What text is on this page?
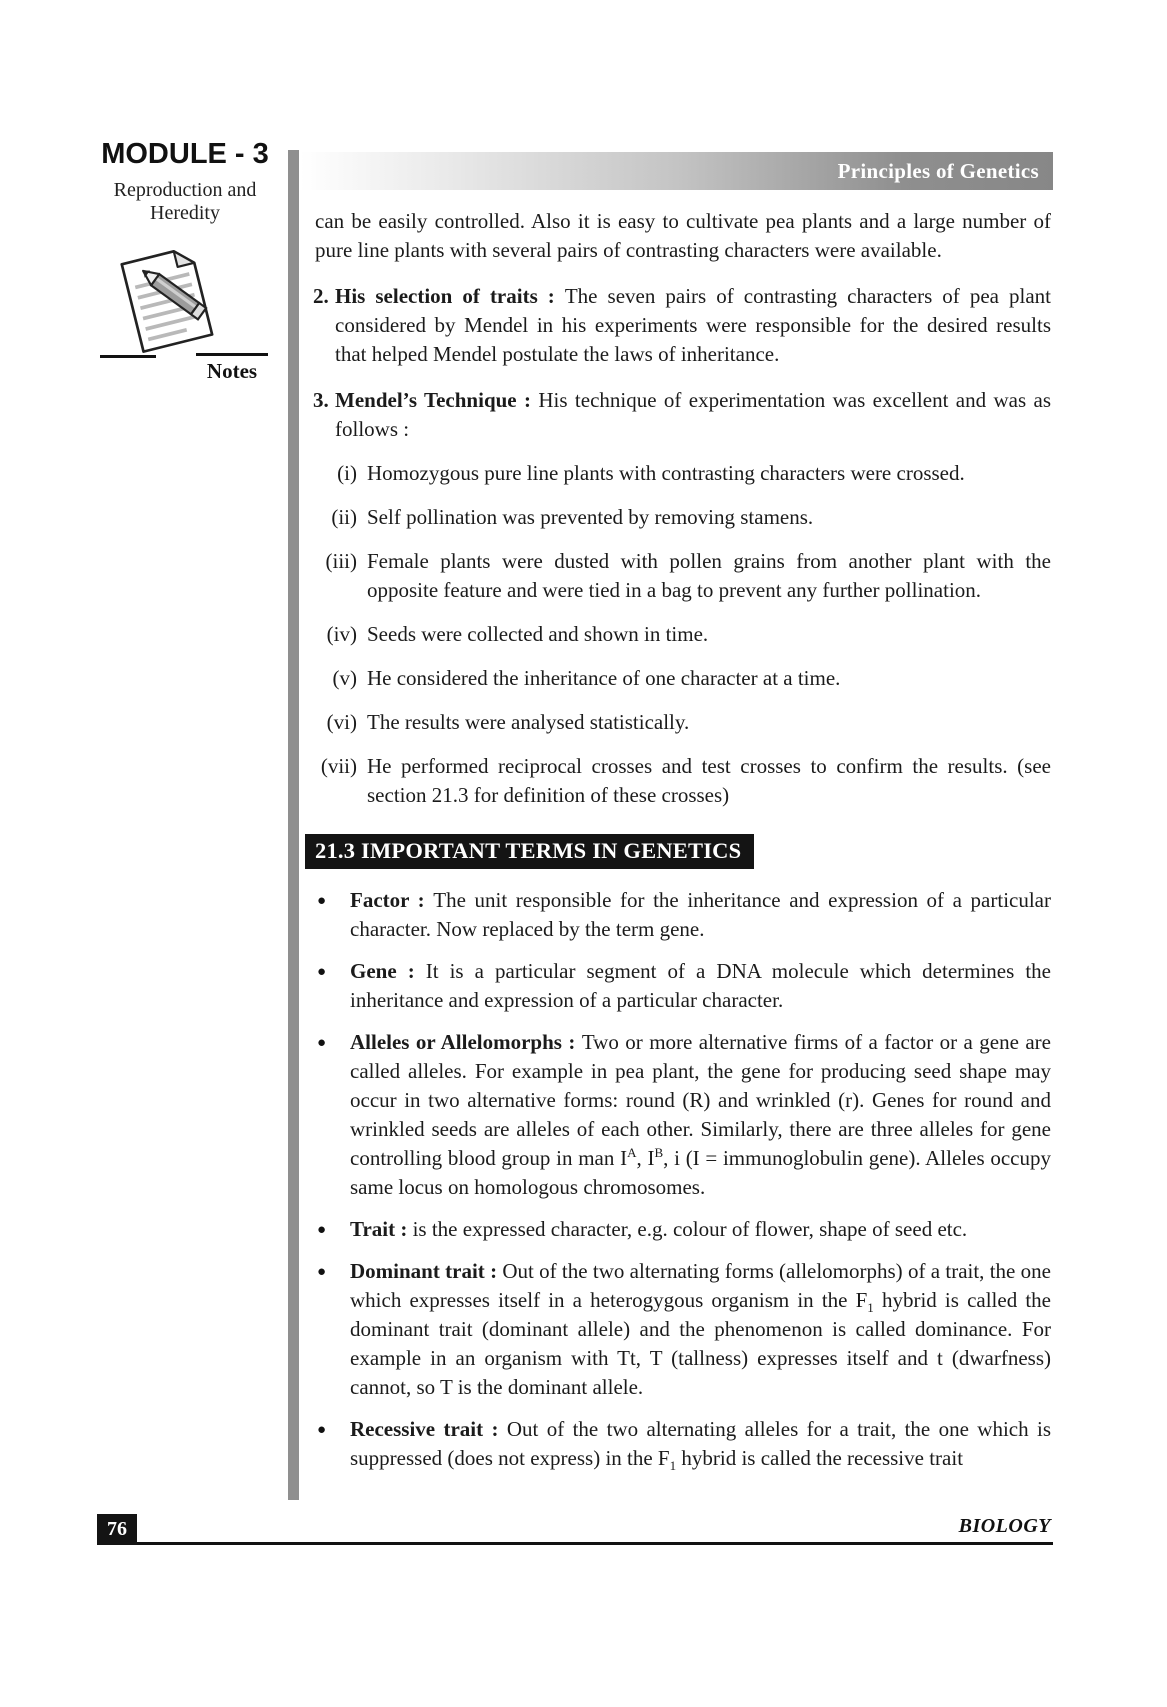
MODULE - 3
Reproduction and
Heredity
Notes
Principles of Genetics

can be easily controlled. Also it is easy to cultivate pea plants and a large number of pure line plants with several pairs of contrasting characters were available.

2. His selection of traits : The seven pairs of contrasting characters of pea plant considered by Mendel in his experiments were responsible for the desired results that helped Mendel postulate the laws of inheritance.
3. Mendel’s Technique : His technique of experimentation was excellent and was as follows :
(i) Homozygous pure line plants with contrasting characters were crossed.
(ii) Self pollination was prevented by removing stamens.
(iii) Female plants were dusted with pollen grains from another plant with the opposite feature and were tied in a bag to prevent any further pollination.
(iv) Seeds were collected and shown in time.
(v) He considered the inheritance of one character at a time.
(vi) The results were analysed statistically.
(vii) He performed reciprocal crosses and test crosses to confirm the results. (see section 21.3 for definition of these crosses)
21.3 IMPORTANT TERMS IN GENETICS
● Factor : The unit responsible for the inheritance and expression of a particular character. Now replaced by the term gene.
● Gene : It is a particular segment of a DNA molecule which determines the inheritance and expression of a particular character.
● Alleles or Allelomorphs : Two or more alternative firms of a factor or a gene are called alleles. For example in pea plant, the gene for producing seed shape may occur in two alternative forms: round (R) and wrinkled (r). Genes for round and wrinkled seeds are alleles of each other. Similarly, there are three alleles for gene controlling blood group in man $I^A$, $I^B$, i (I = immunoglobulin gene). Alleles occupy same locus on homologous chromosomes.
● Trait : is the expressed character, e.g. colour of flower, shape of seed etc.
● Dominant trait : Out of the two alternating forms (allelomorphs) of a trait, the one which expresses itself in a heterogygous organism in the $F_1$ hybrid is called the dominant trait (dominant allele) and the phenomenon is called dominance. For example in an organism with Tt, T (tallness) expresses itself and t (dwarfness) cannot, so T is the dominant allele.
● Recessive trait : Out of the two alternating alleles for a trait, the one which is suppressed (does not express) in the $F_1$ hybrid is called the recessive trait
76	BIOLOGY
